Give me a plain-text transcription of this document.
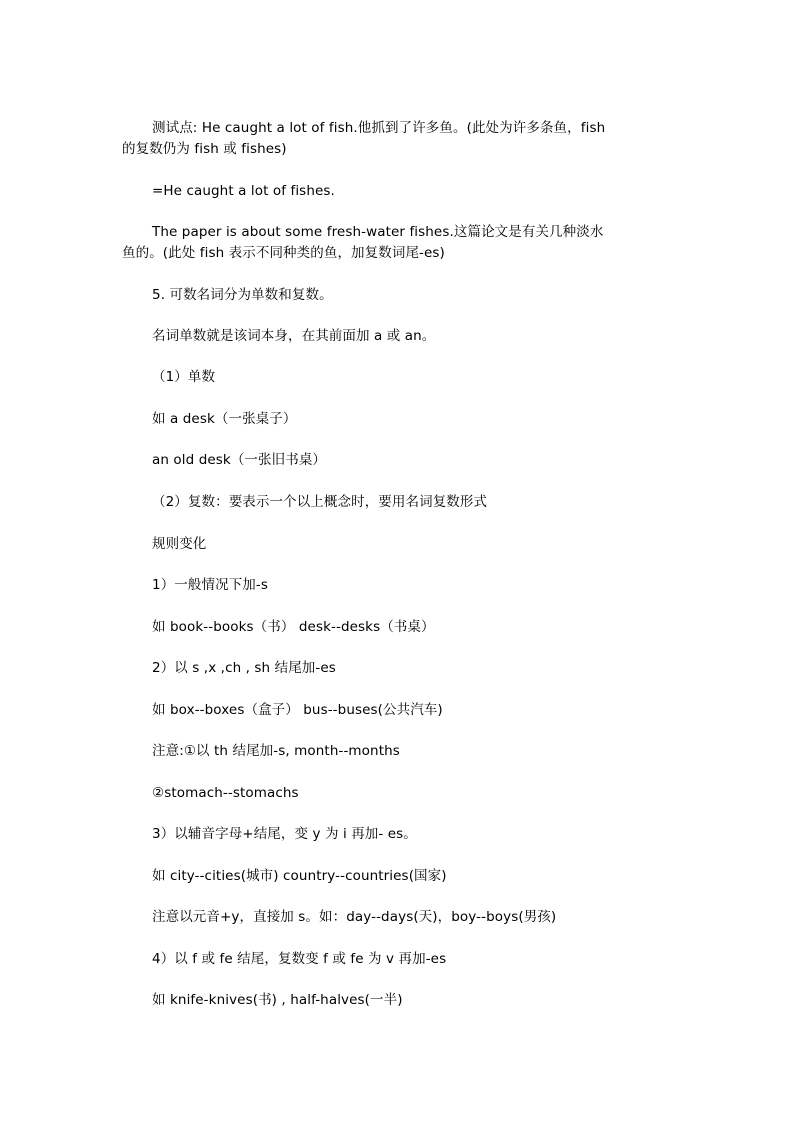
测试点: He caught a lot of fish.他抓到了许多鱼。(此处为许多条鱼，fish
的复数仍为 fish 或 fishes)
=He caught a lot of fishes.
The paper is about some fresh-water fishes.这篇论文是有关几种淡水
鱼的。(此处 fish 表示不同种类的鱼，加复数词尾-es)
5. 可数名词分为单数和复数。
名词单数就是该词本身，在其前面加 a 或 an。
（1）单数
如 a desk（一张桌子）
an old desk（一张旧书桌）
（2）复数：要表示一个以上概念时，要用名词复数形式
规则变化
1）一般情况下加-s
如 book--books（书） desk--desks（书桌）
2）以 s ,x ,ch , sh 结尾加-es
如 box--boxes（盒子） bus--buses(公共汽车)
注意:①以 th 结尾加-s, month--months
②stomach--stomachs
3）以辅音字母+结尾，变 y 为 i 再加- es。
如 city--cities(城市) country--countries(国家)
注意以元音+y，直接加 s。如：day--days(天)，boy--boys(男孩)
4）以 f 或 fe 结尾，复数变 f 或 fe 为 v 再加-es
如 knife-knives(书) , half-halves(一半)
